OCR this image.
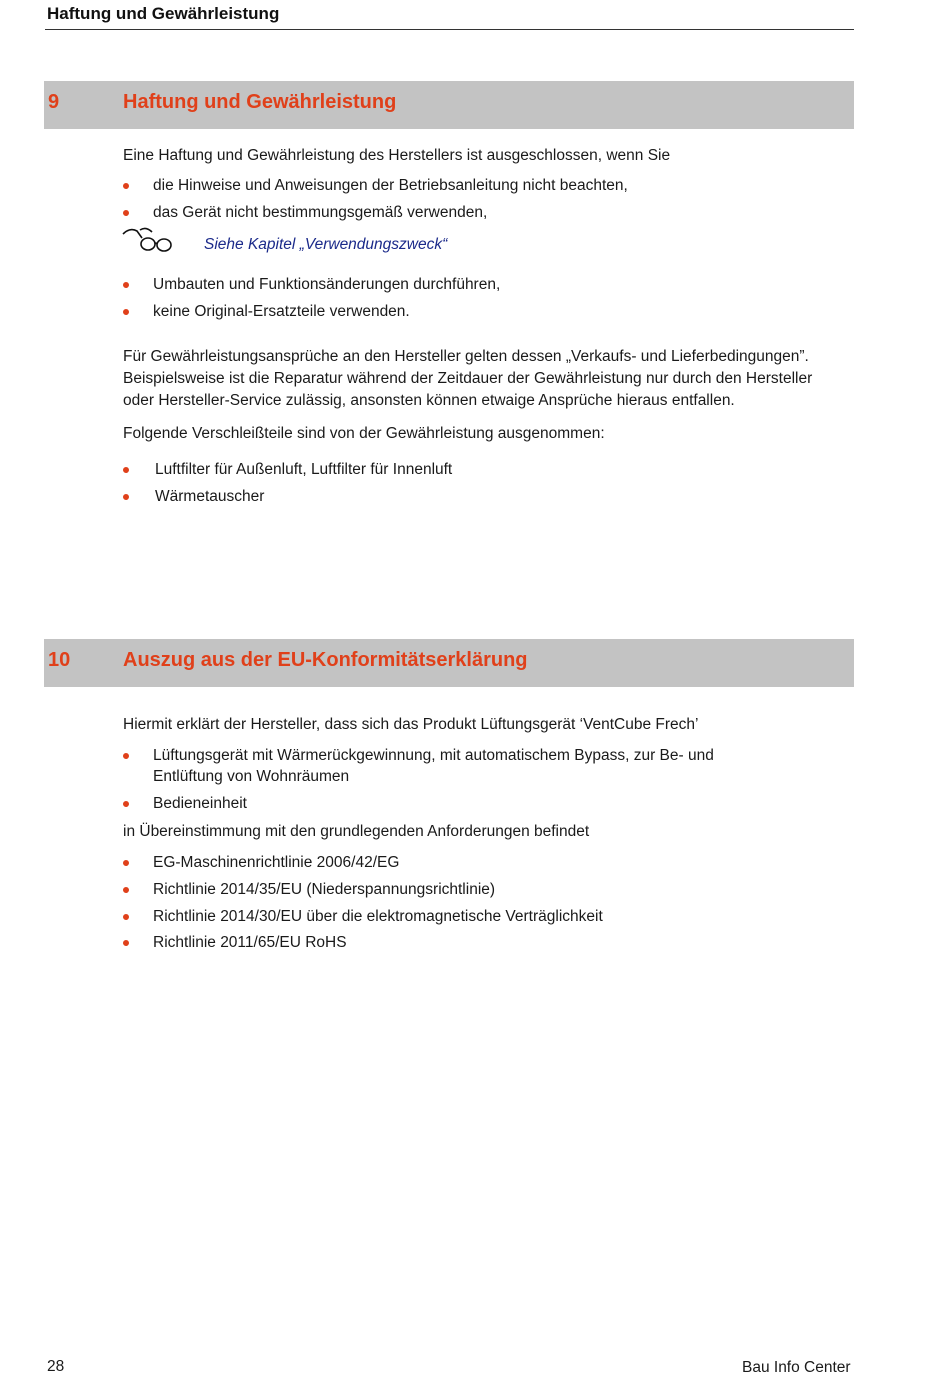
Haftung und Gewährleistung
9	Haftung und Gewährleistung
Eine Haftung und Gewährleistung des Herstellers ist ausgeschlossen, wenn Sie
die Hinweise und Anweisungen der Betriebsanleitung nicht beachten,
das Gerät nicht bestimmungsgemäß verwenden,
Siehe Kapitel „Verwendungszweck“
Umbauten und Funktionsänderungen durchführen,
keine Original-Ersatzteile verwenden.
Für Gewährleistungsansprüche an den Hersteller gelten dessen „Verkaufs- und Lieferbedingungen”. Beispielsweise ist die Reparatur während der Zeitdauer der Gewährleistung nur durch den Hersteller oder Hersteller-Service zulässig, ansonsten können etwaige Ansprüche hieraus entfallen.
Folgende Verschleißteile sind von der Gewährleistung ausgenommen:
Luftfilter für Außenluft, Luftfilter für Innenluft
Wärmetauscher
10	Auszug aus der EU-Konformitätserklärung
Hiermit erklärt der Hersteller, dass sich das Produkt Lüftungsgerät ‘VentCube Frech’
Lüftungsgerät mit Wärmerückgewinnung, mit automatischem Bypass, zur Be- und Entlüftung von Wohnräumen
Bedieneinheit
in Übereinstimmung mit den grundlegenden Anforderungen befindet
EG-Maschinenrichtlinie 2006/42/EG
Richtlinie 2014/35/EU (Niederspannungsrichtlinie)
Richtlinie 2014/30/EU über die elektromagnetische Verträglichkeit
Richtlinie 2011/65/EU RoHS
28	Bau Info Center
